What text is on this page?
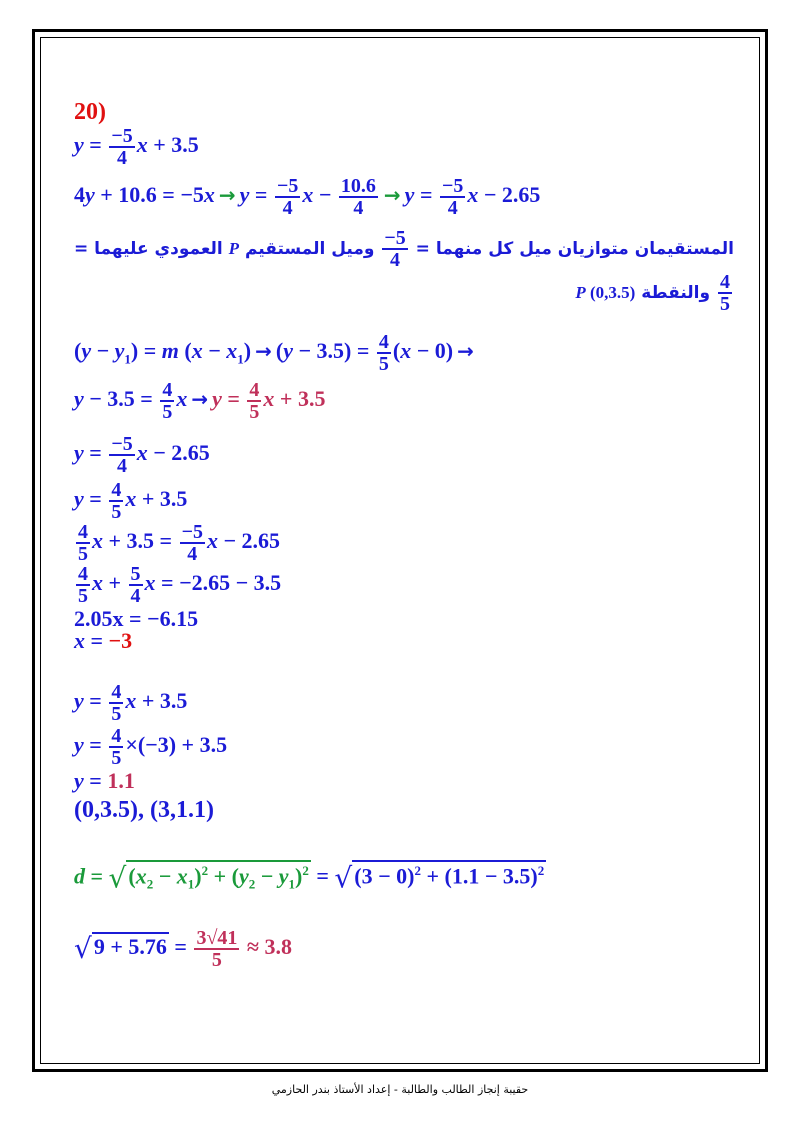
20)
$y = \frac{-5}{4}$ x + 3.5
$4y + 10.6 = -5x \to y = \frac{-5}{4}$ $x - \frac{10.6}{4} \to y = \frac{-5}{4}$ x − 2.65
المستقيمان متوازيان ميل كل منهما =
$\frac{-5}{4}$
وميل المستقيم P العمودي عليهما =
$\frac{4}{5}$
والنقطة P (0,3.5)
$(y - y_1) = m$ $(x - x_1) \to (y - 3.5) = \frac{4}{5} (x - 0)$ →
$y - 3.5 = \frac{4}{5}$ $x \to y = \frac{4}{5}$ x + 3.5
$y = \frac{-5}{4}$ x − 2.65
$y = \frac{4}{5}$ x + 3.5
$\frac{4}{5}$ $x + 3.5 = \frac{-5}{4}$ x − 2.65
$\frac{4}{5}$ $x + \frac{5}{4}$ x = −2.65 − 3.5
2.05x = −6.15
x = −3
$y = \frac{4}{5}$ x + 3.5
$y = \frac{4}{5} \times(-3) + 3.5$
y = 1.1
(0,3.5), (3,1.1)
$d = √(x_2 - x_1)^2 + (y_2 - y_1)^2 = √(3 - 0)^2 + (1.1 - 3.5)^2$
$√9 + 5.76 = \frac{3√41}{5} \approx 3.8$
حقيبة إنجاز الطالب والطالبة - إعداد الأستاذ بندر الحازمي
